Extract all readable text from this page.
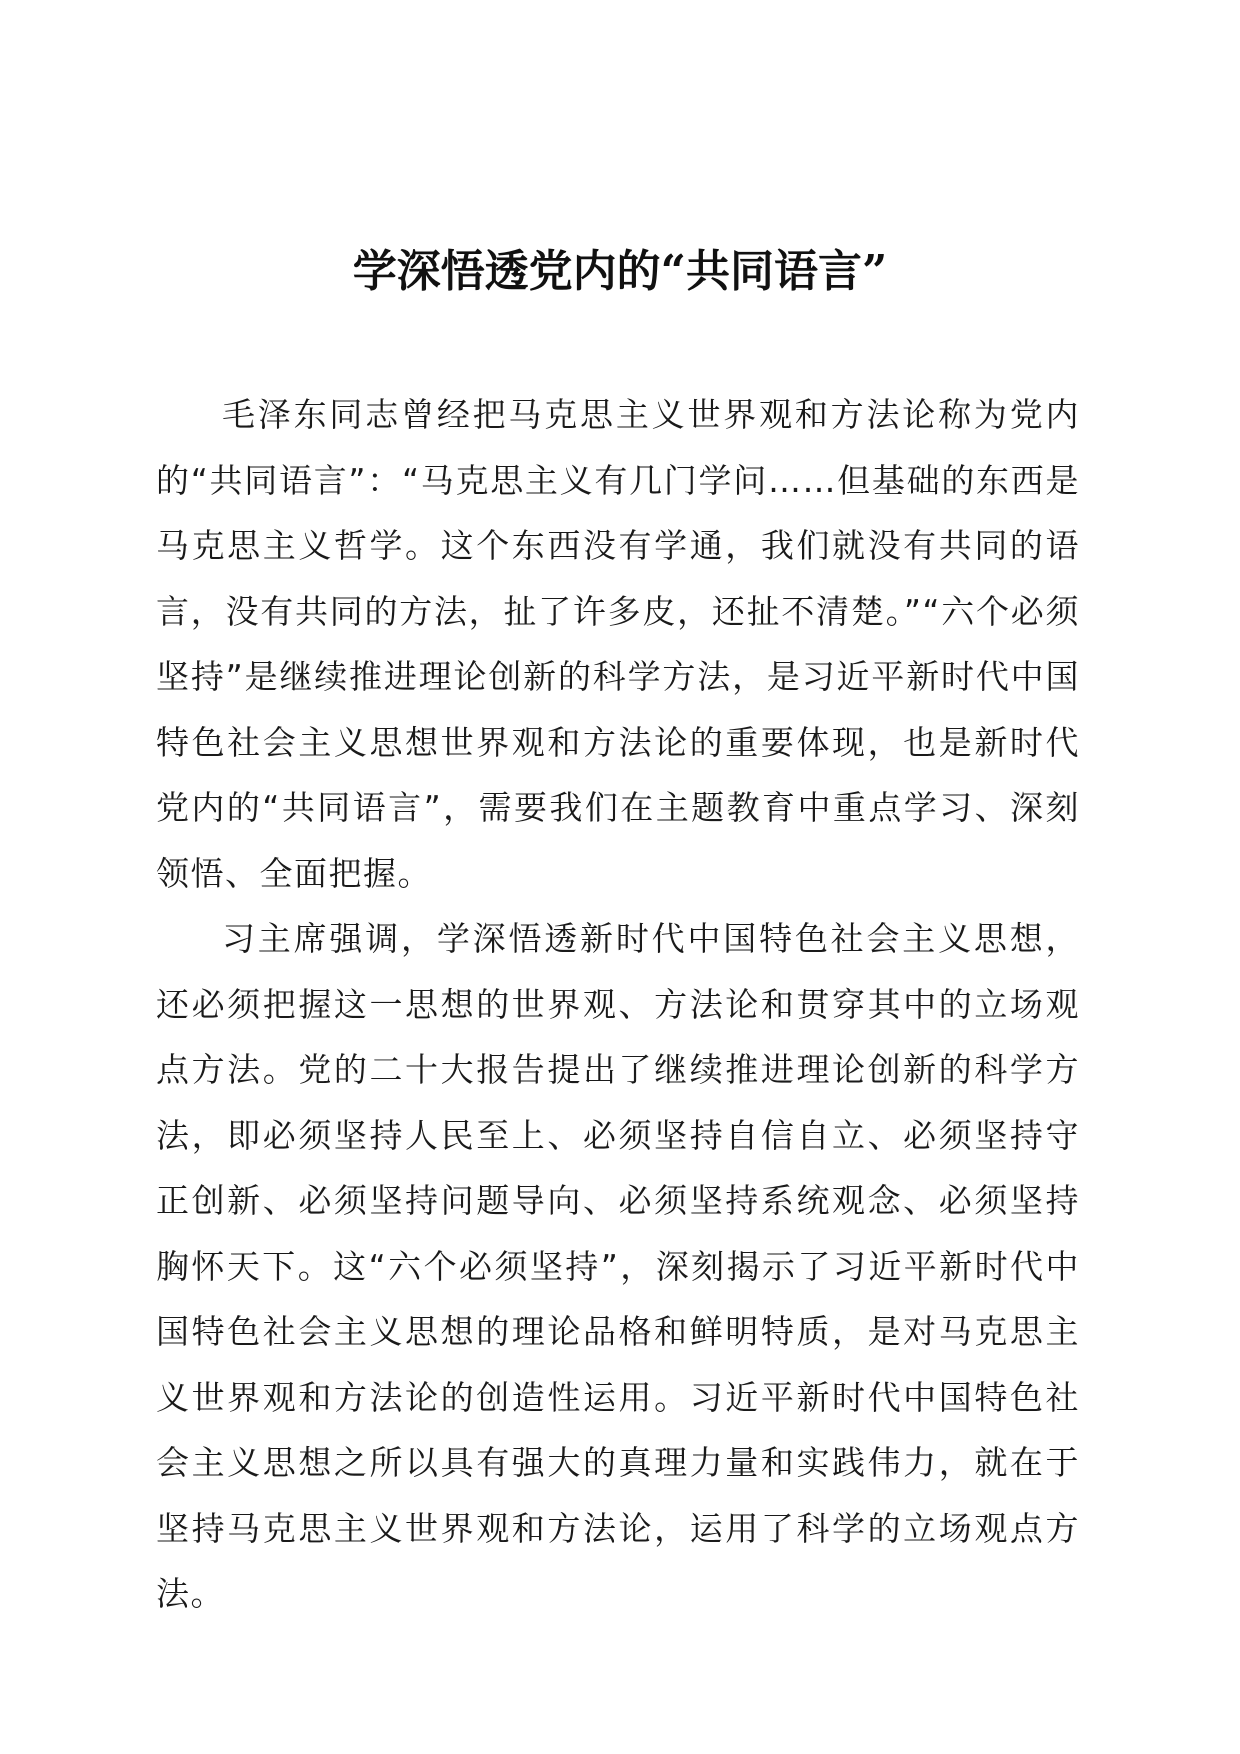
学深悟透党内的“共同语言”

毛泽东同志曾经把马克思主义世界观和方法论称为党内的“共同语言”：“马克思主义有几门学问……但基础的东西是马克思主义哲学。这个东西没有学通，我们就没有共同的语言，没有共同的方法，扯了许多皮，还扯不清楚。”“六个必须坚持”是继续推进理论创新的科学方法，是习近平新时代中国特色社会主义思想世界观和方法论的重要体现，也是新时代党内的“共同语言”，需要我们在主题教育中重点学习、深刻领悟、全面把握。

习主席强调，学深悟透新时代中国特色社会主义思想，还必须把握这一思想的世界观、方法论和贯穿其中的立场观点方法。党的二十大报告提出了继续推进理论创新的科学方法，即必须坚持人民至上、必须坚持自信自立、必须坚持守正创新、必须坚持问题导向、必须坚持系统观念、必须坚持胸怀天下。这“六个必须坚持”，深刻揭示了习近平新时代中国特色社会主义思想的理论品格和鲜明特质，是对马克思主义世界观和方法论的创造性运用。习近平新时代中国特色社会主义思想之所以具有强大的真理力量和实践伟力，就在于坚持马克思主义世界观和方法论，运用了科学的立场观点方法。
